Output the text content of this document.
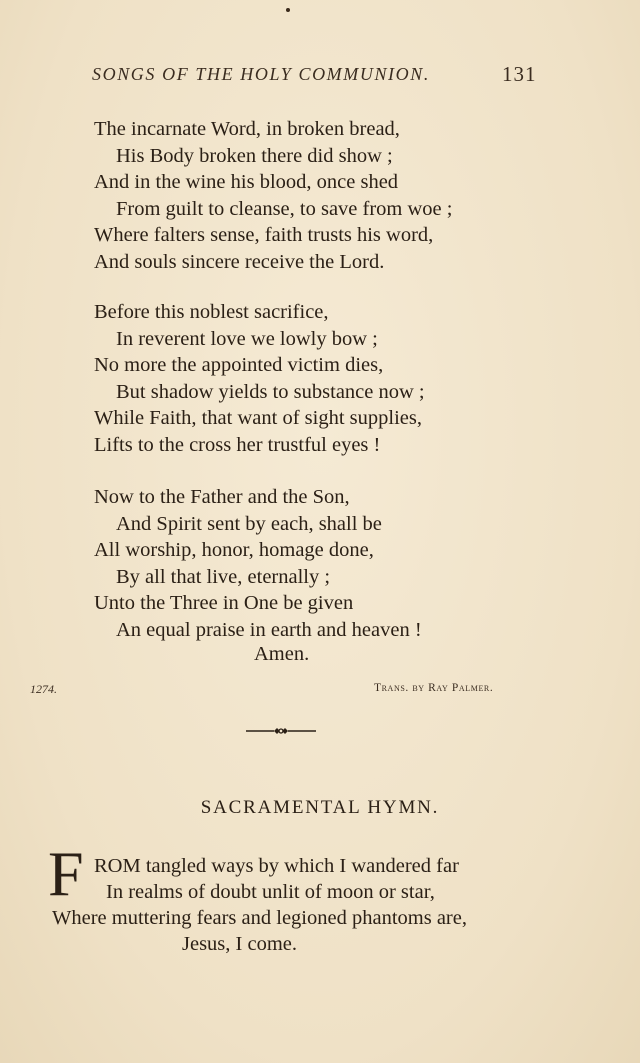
SONGS OF THE HOLY COMMUNION.	131
The incarnate Word, in broken bread,
His Body broken there did show ;
And in the wine his blood, once shed
From guilt to cleanse, to save from woe ;
Where falters sense, faith trusts his word,
And souls sincere receive the Lord.
Before this noblest sacrifice,
In reverent love we lowly bow ;
No more the appointed victim dies,
But shadow yields to substance now ;
While Faith, that want of sight supplies,
Lifts to the cross her trustful eyes !
Now to the Father and the Son,
And Spirit sent by each, shall be
All worship, honor, homage done,
By all that live, eternally ;
Unto the Three in One be given
An equal praise in earth and heaven !
Amen.
1274.	Trans. by Ray Palmer.
SACRAMENTAL HYMN.
F ROM tangled ways by which I wandered far
In realms of doubt unlit of moon or star,
Where muttering fears and legioned phantoms are,
Jesus, I come.
